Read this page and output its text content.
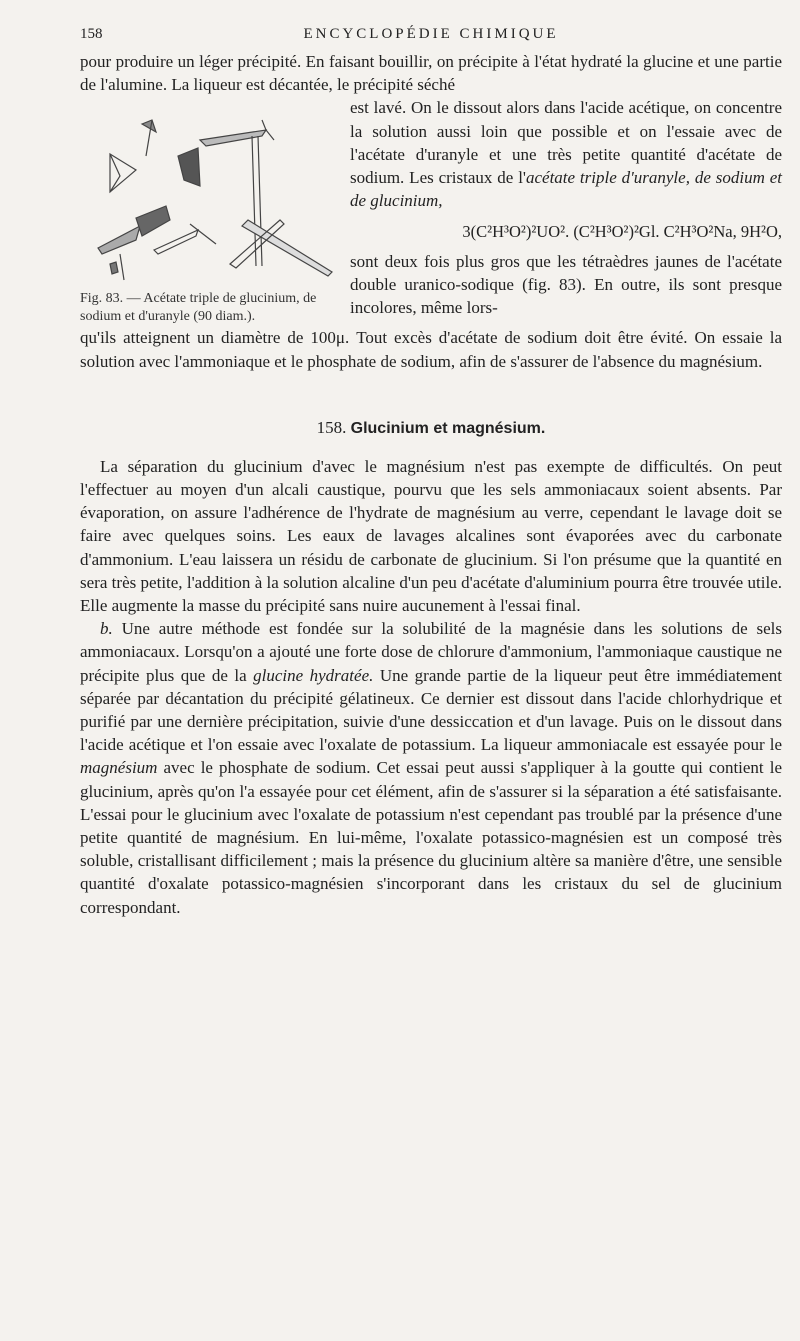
158	ENCYCLOPÉDIE CHIMIQUE

pour produire un léger précipité. En faisant bouillir, on précipite à l'état hydraté la glucine et une partie de l'alumine. La liqueur est décantée, le précipité séché

Fig. 83. — Acétate triple de glucinium, de sodium et d'uranyle (90 diam.).

est lavé. On le dissout alors dans l'acide acétique, on concentre la solution aussi loin que possible et on l'essaie avec de l'acétate d'uranyle et une très petite quantité d'acétate de sodium. Les cristaux de l'acétate triple d'uranyle, de sodium et de glucinium,

3(C²H³O²)²UO². (C²H³O²)²Gl. C²H³O²Na, 9H²O,

sont deux fois plus gros que les tétraèdres jaunes de l'acétate double uranico-sodique (fig. 83). En outre, ils sont presque incolores, même lors-

qu'ils atteignent un diamètre de 100μ. Tout excès d'acétate de sodium doit être évité. On essaie la solution avec l'ammoniaque et le phosphate de sodium, afin de s'assurer de l'absence du magnésium.

158. Glucinium et magnésium.

La séparation du glucinium d'avec le magnésium n'est pas exempte de difficultés. On peut l'effectuer au moyen d'un alcali caustique, pourvu que les sels ammoniacaux soient absents. Par évaporation, on assure l'adhérence de l'hydrate de magnésium au verre, cependant le lavage doit se faire avec quelques soins. Les eaux de lavages alcalines sont évaporées avec du carbonate d'ammonium. L'eau laissera un résidu de carbonate de glucinium. Si l'on présume que la quantité en sera très petite, l'addition à la solution alcaline d'un peu d'acétate d'aluminium pourra être trouvée utile. Elle augmente la masse du précipité sans nuire aucunement à l'essai final.

b. Une autre méthode est fondée sur la solubilité de la magnésie dans les solutions de sels ammoniacaux. Lorsqu'on a ajouté une forte dose de chlorure d'ammonium, l'ammoniaque caustique ne précipite plus que de la glucine hydratée. Une grande partie de la liqueur peut être immédiatement séparée par décantation du précipité gélatineux. Ce dernier est dissout dans l'acide chlorhydrique et purifié par une dernière précipitation, suivie d'une dessiccation et d'un lavage. Puis on le dissout dans l'acide acétique et l'on essaie avec l'oxalate de potassium. La liqueur ammoniacale est essayée pour le magnésium avec le phosphate de sodium. Cet essai peut aussi s'appliquer à la goutte qui contient le glucinium, après qu'on l'a essayée pour cet élément, afin de s'assurer si la séparation a été satisfaisante. L'essai pour le glucinium avec l'oxalate de potassium n'est cependant pas troublé par la présence d'une petite quantité de magnésium. En lui-même, l'oxalate potassico-magnésien est un composé très soluble, cristallisant difficilement ; mais la présence du glucinium altère sa manière d'être, une sensible quantité d'oxalate potassico-magnésien s'incorporant dans les cristaux du sel de glucinium correspondant.
